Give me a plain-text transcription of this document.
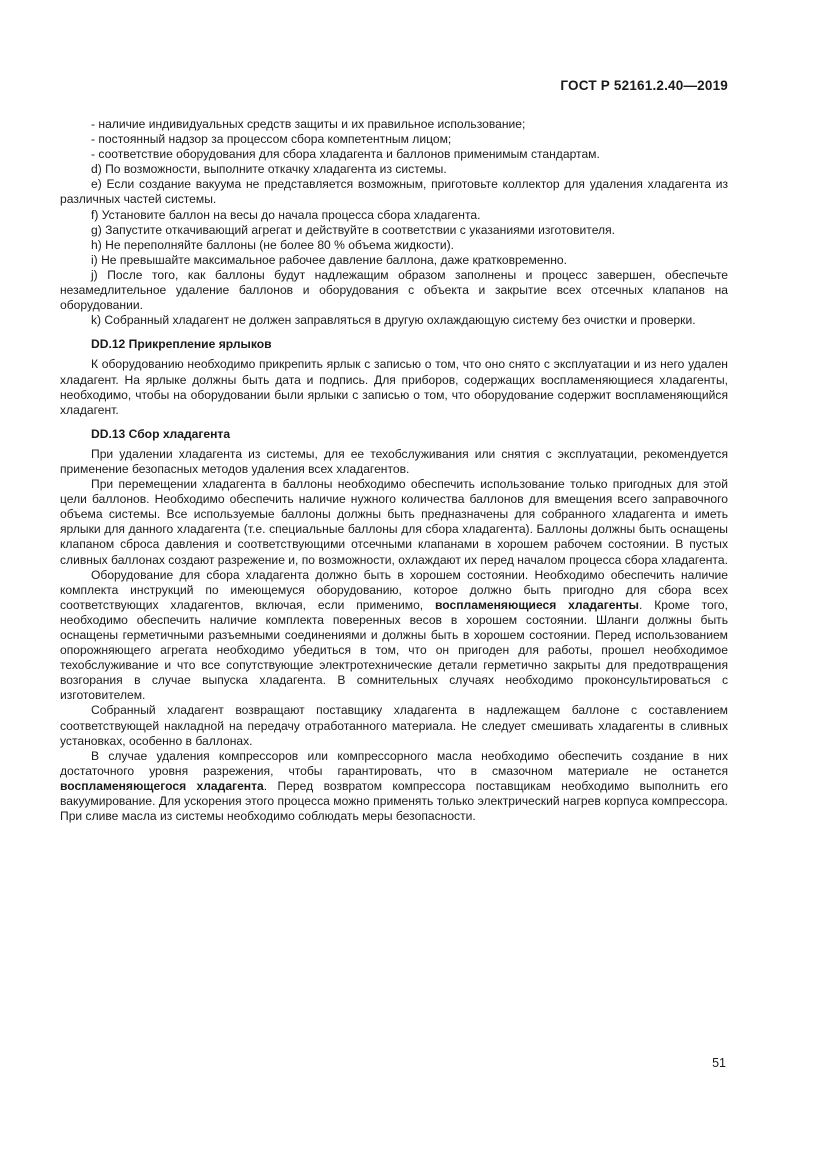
ГОСТ Р 52161.2.40—2019

- наличие индивидуальных средств защиты и их правильное использование;

- постоянный надзор за процессом сбора компетентным лицом;

- соответствие оборудования для сбора хладагента и баллонов применимым стандартам.

d) По возможности, выполните откачку хладагента из системы.

e) Если создание вакуума не представляется возможным, приготовьте коллектор для удаления хладагента из различных частей системы.

f) Установите баллон на весы до начала процесса сбора хладагента.

g) Запустите откачивающий агрегат и действуйте в соответствии с указаниями изготовителя.

h) Не переполняйте баллоны (не более 80 % объема жидкости).

i) Не превышайте максимальное рабочее давление баллона, даже кратковременно.

j) После того, как баллоны будут надлежащим образом заполнены и процесс завершен, обеспечьте незамедлительное удаление баллонов и оборудования с объекта и закрытие всех отсечных клапанов на оборудовании.

k) Собранный хладагент не должен заправляться в другую охлаждающую систему без очистки и проверки.

DD.12 Прикрепление ярлыков

К оборудованию необходимо прикрепить ярлык с записью о том, что оно снято с эксплуатации и из него удален хладагент. На ярлыке должны быть дата и подпись. Для приборов, содержащих воспламеняющиеся хладагенты, необходимо, чтобы на оборудовании были ярлыки с записью о том, что оборудование содержит воспламеняющийся хладагент.

DD.13 Сбор хладагента

При удалении хладагента из системы, для ее техобслуживания или снятия с эксплуатации, рекомендуется применение безопасных методов удаления всех хладагентов.

При перемещении хладагента в баллоны необходимо обеспечить использование только пригодных для этой цели баллонов. Необходимо обеспечить наличие нужного количества баллонов для вмещения всего заправочного объема системы. Все используемые баллоны должны быть предназначены для собранного хладагента и иметь ярлыки для данного хладагента (т.е. специальные баллоны для сбора хладагента). Баллоны должны быть оснащены клапаном сброса давления и соответствующими отсечными клапанами в хорошем рабочем состоянии. В пустых сливных баллонах создают разрежение и, по возможности, охлаждают их перед началом процесса сбора хладагента.

Оборудование для сбора хладагента должно быть в хорошем состоянии. Необходимо обеспечить наличие комплекта инструкций по имеющемуся оборудованию, которое должно быть пригодно для сбора всех соответствующих хладагентов, включая, если применимо, воспламеняющиеся хладагенты. Кроме того, необходимо обеспечить наличие комплекта поверенных весов в хорошем состоянии. Шланги должны быть оснащены герметичными разъемными соединениями и должны быть в хорошем состоянии. Перед использованием опорожняющего агрегата необходимо убедиться в том, что он пригоден для работы, прошел необходимое техобслуживание и что все сопутствующие электротехнические детали герметично закрыты для предотвращения возгорания в случае выпуска хладагента. В сомнительных случаях необходимо проконсультироваться с изготовителем.

Собранный хладагент возвращают поставщику хладагента в надлежащем баллоне с составлением соответствующей накладной на передачу отработанного материала. Не следует смешивать хладагенты в сливных установках, особенно в баллонах.

В случае удаления компрессоров или компрессорного масла необходимо обеспечить создание в них достаточного уровня разрежения, чтобы гарантировать, что в смазочном материале не останется воспламеняющегося хладагента. Перед возвратом компрессора поставщикам необходимо выполнить его вакуумирование. Для ускорения этого процесса можно применять только электрический нагрев корпуса компрессора. При сливе масла из системы необходимо соблюдать меры безопасности.

51
